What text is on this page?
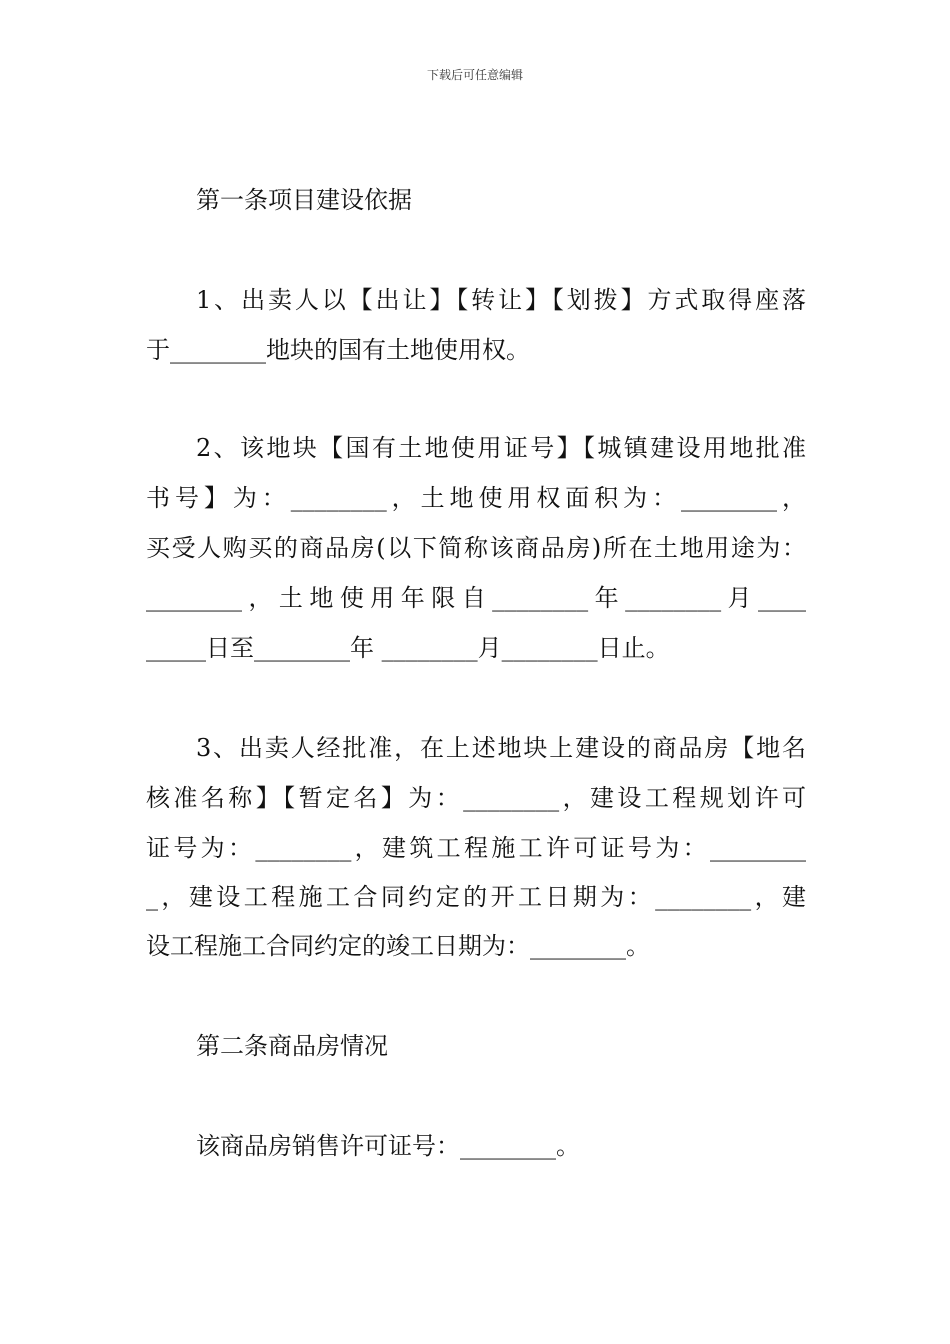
下载后可任意编辑
第一条项目建设依据
1、出卖人以【出让】【转让】【划拨】方式取得座落
于________地块的国有土地使用权。
2、该地块【国有土地使用证号】【城镇建设用地批准
书号】为：________，土地使用权面积为：________，
买受人购买的商品房(以下简称该商品房)所在土地用途为：
________，土地使用年限自________年________月____
_____日至________年 ________月________日止。
3、出卖人经批准，在上述地块上建设的商品房【地名
核准名称】【暂定名】为：________，建设工程规划许可
证号为：________，建筑工程施工许可证号为：________
_，建设工程施工合同约定的开工日期为：________，建
设工程施工合同约定的竣工日期为：________。
第二条商品房情况
该商品房销售许可证号：________。
